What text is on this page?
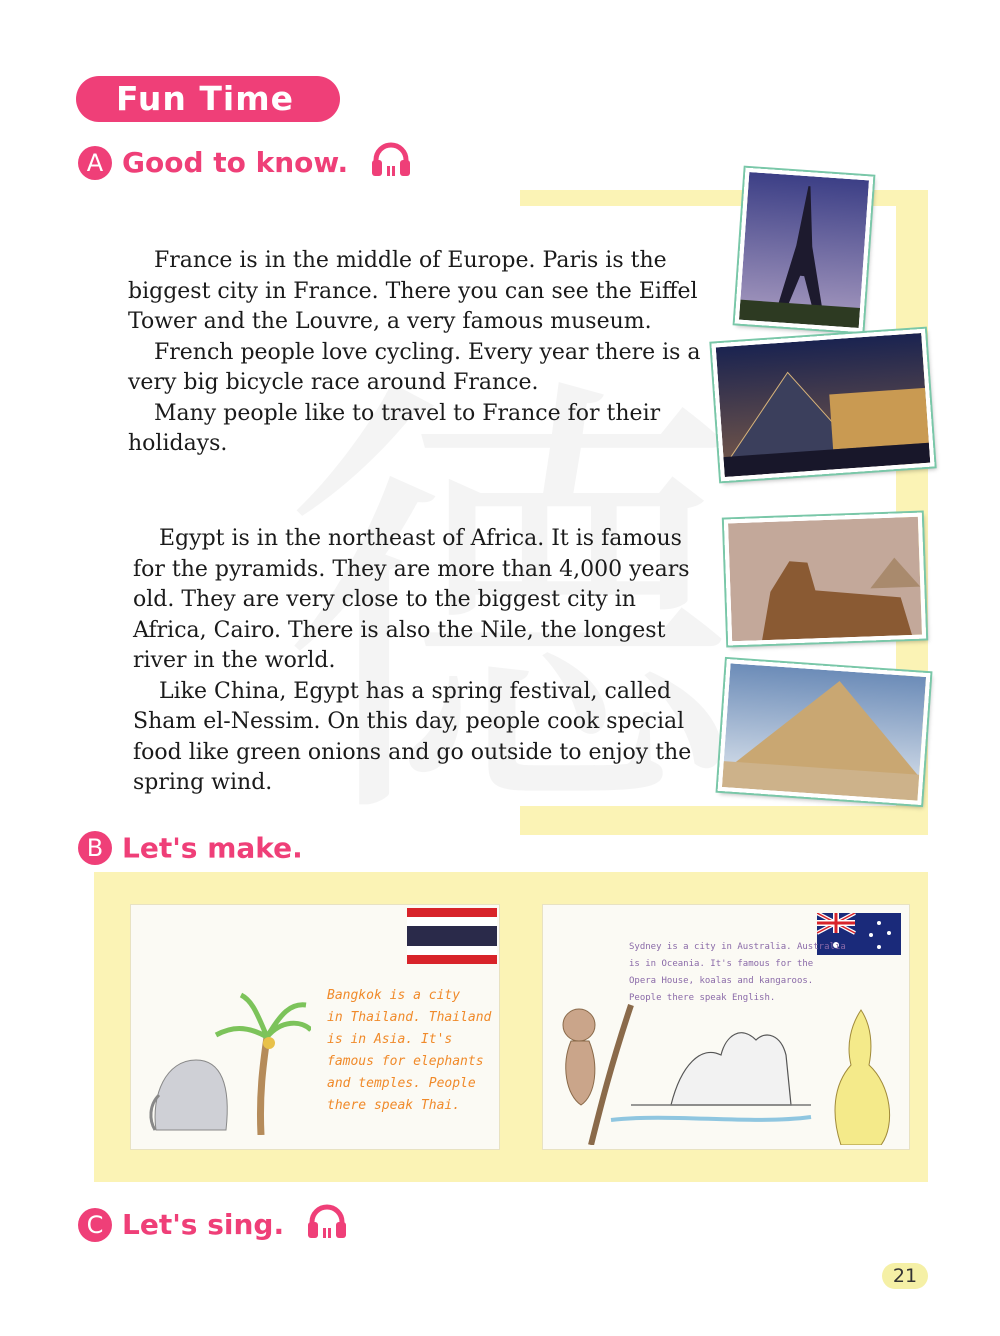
Fun Time
A Good to know.

France is in the middle of Europe. Paris is the biggest city in France. There you can see the Eiffel Tower and the Louvre, a very famous museum.

French people love cycling. Every year there is a very big bicycle race around France.

Many people like to travel to France for their holidays.

Egypt is in the northeast of Africa. It is famous for the pyramids. They are more than 4,000 years old. They are very close to the biggest city in Africa, Cairo. There is also the Nile, the longest river in the world.

Like China, Egypt has a spring festival, called Sham el-Nessim. On this day, people cook special food like green onions and go outside to enjoy the spring wind.

B Let's make.
Bangkok is a city
in Thailand. Thailand
is in Asia. It's
famous for elephants
and temples. People
there speak Thai.
Sydney is a city in Australia. Australia
is in Oceania. It's famous for the
Opera House, koalas and kangaroos.
People there speak English.
C Let's sing.
21
